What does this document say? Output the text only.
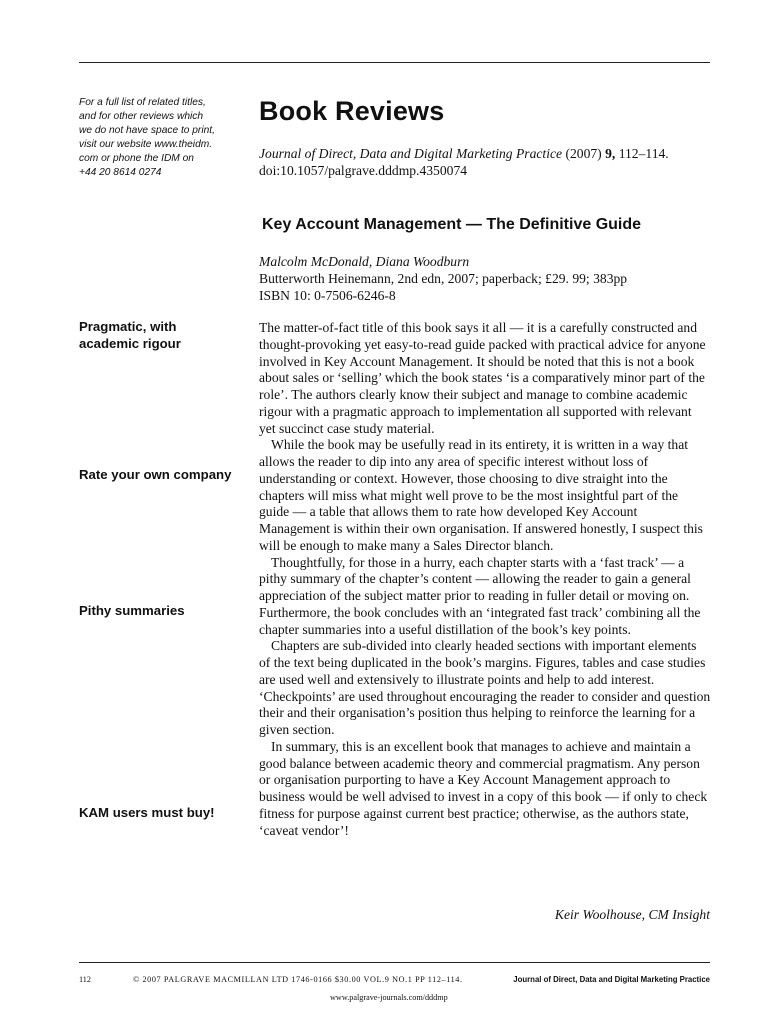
For a full list of related titles,
and for other reviews which
we do not have space to print,
visit our website www.theidm.
com or phone the IDM on
+44 20 8614 0274
Book Reviews
Journal of Direct, Data and Digital Marketing Practice (2007) 9, 112–114.
doi:10.1057/palgrave.dddmp.4350074
Key Account Management — The Definitive Guide
Malcolm McDonald, Diana Woodburn
Butterworth Heinemann, 2nd edn, 2007; paperback; £29. 99; 383pp
ISBN 10: 0-7506-6246-8
Pragmatic, with academic rigour
Rate your own company
Pithy summaries
KAM users must buy!

The matter-of-fact title of this book says it all — it is a carefully constructed and thought-provoking yet easy-to-read guide packed with practical advice for anyone involved in Key Account Management. It should be noted that this is not a book about sales or ‘selling’ which the book states ‘is a comparatively minor part of the role’. The authors clearly know their subject and manage to combine academic rigour with a pragmatic approach to implementation all supported with relevant yet succinct case study material.

While the book may be usefully read in its entirety, it is written in a way that allows the reader to dip into any area of specific interest without loss of understanding or context. However, those choosing to dive straight into the chapters will miss what might well prove to be the most insightful part of the guide — a table that allows them to rate how developed Key Account Management is within their own organisation. If answered honestly, I suspect this will be enough to make many a Sales Director blanch.

Thoughtfully, for those in a hurry, each chapter starts with a ‘fast track’ — a pithy summary of the chapter’s content — allowing the reader to gain a general appreciation of the subject matter prior to reading in fuller detail or moving on. Furthermore, the book concludes with an ‘integrated fast track’ combining all the chapter summaries into a useful distillation of the book’s key points.

Chapters are sub-divided into clearly headed sections with important elements of the text being duplicated in the book’s margins. Figures, tables and case studies are used well and extensively to illustrate points and help to add interest. ‘Checkpoints’ are used throughout encouraging the reader to consider and question their and their organisation’s position thus helping to reinforce the learning for a given section.

In summary, this is an excellent book that manages to achieve and maintain a good balance between academic theory and commercial pragmatism. Any person or organisation purporting to have a Key Account Management approach to business would be well advised to invest in a copy of this book — if only to check fitness for purpose against current best practice; otherwise, as the authors state, ‘caveat vendor’!

Keir Woolhouse, CM Insight
112	© 2007 PALGRAVE MACMILLAN LTD 1746-0166 $30.00 VOL.9 NO.1 PP 112–114.	Journal of Direct, Data and Digital Marketing Practice
www.palgrave-journals.com/dddmp
